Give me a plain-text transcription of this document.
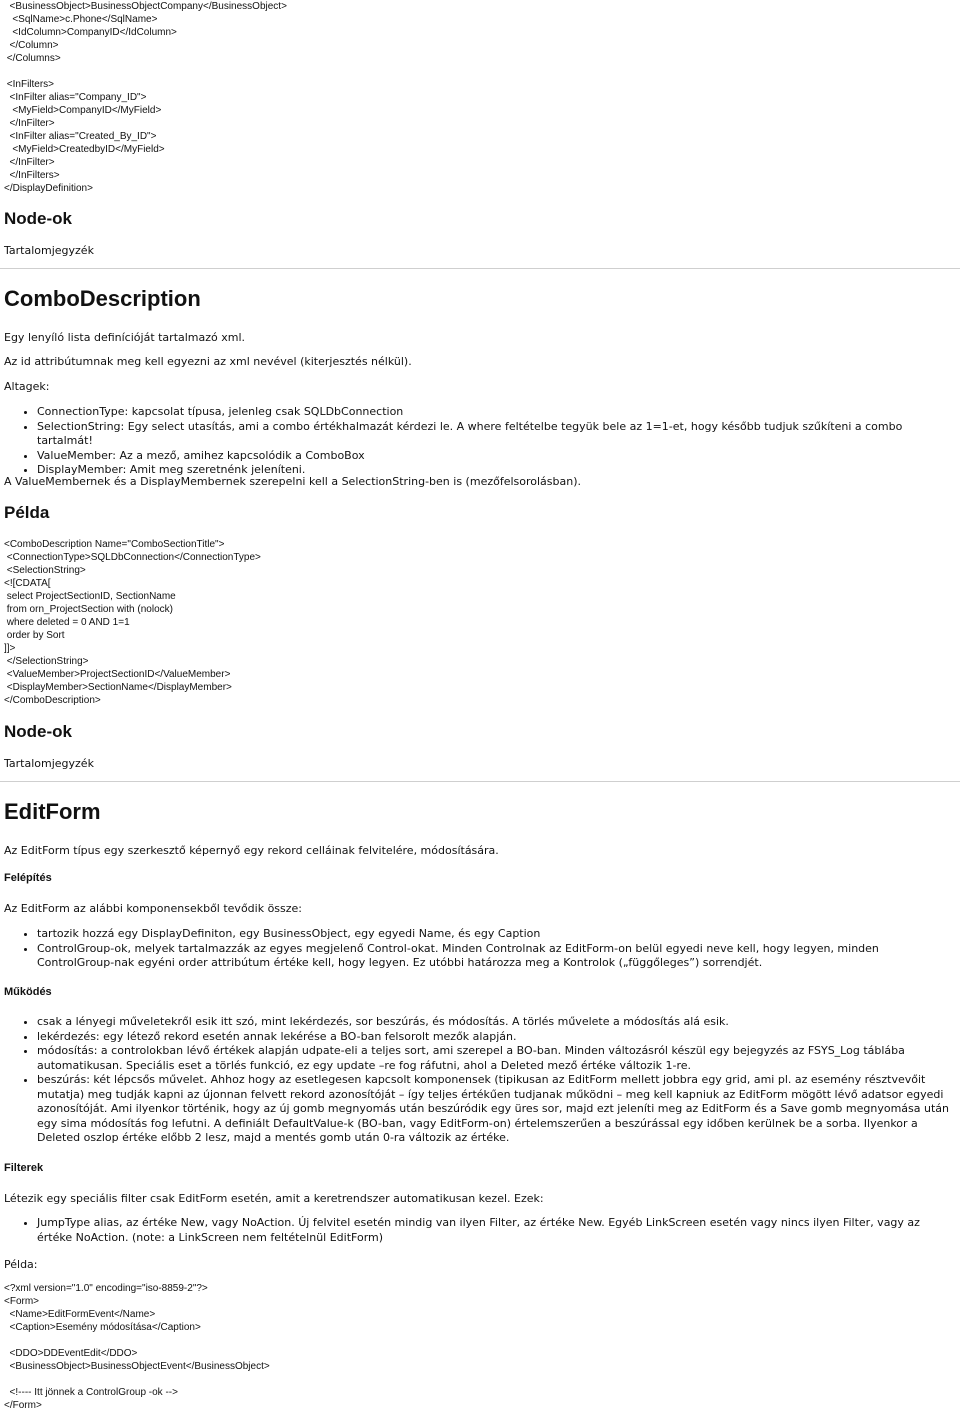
<BusinessObject>BusinessObjectCompany</BusinessObject>
<SqlName>c.Phone</SqlName>
<IdColumn>CompanyID</IdColumn>
</Column>
</Columns>
<InFilters>
<InFilter alias="Company_ID">
<MyField>CompanyID</MyField>
</InFilter>
<InFilter alias="Created_By_ID">
<MyField>CreatedbyID</MyField>
</InFilter>
</InFilters>
</DisplayDefinition>
Node-ok
Tartalomjegyzék
ComboDescription

Egy lenyíló lista definícióját tartalmazó xml.

Az id attribútumnak meg kell egyezni az xml nevével (kiterjesztés nélkül).

Altagek:

• ConnectionType: kapcsolat típusa, jelenleg csak SQLDbConnection
• SelectionString: Egy select utasítás, ami a combo értékhalmazát kérdezi le. A where feltételbe tegyük bele az 1=1-et, hogy később tudjuk szűkíteni a combo tartalmát!
• ValueMember: Az a mező, amihez kapcsolódik a ComboBox
• DisplayMember: Amit meg szeretnénk jeleníteni.

A ValueMembernek és a DisplayMembernek szerepelni kell a SelectionString-ben is (mezőfelsorolásban).

Példa
<ComboDescription Name="ComboSectionTitle">
<ConnectionType>SQLDbConnection</ConnectionType>
<SelectionString>
<![CDATA[
select ProjectSectionID, SectionName
from orn_ProjectSection with (nolock)
where deleted = 0 AND 1=1
order by Sort
]]>
</SelectionString>
<ValueMember>ProjectSectionID</ValueMember>
<DisplayMember>SectionName</DisplayMember>
</ComboDescription>
Node-ok
Tartalomjegyzék
EditForm

Az EditForm típus egy szerkesztő képernyő egy rekord celláinak felvitelére, módosítására.

Felépítés

Az EditForm az alábbi komponensekből tevődik össze:

• tartozik hozzá egy DisplayDefiniton, egy BusinessObject, egy egyedi Name, és egy Caption
• ControlGroup-ok, melyek tartalmazzák az egyes megjelenő Control-okat. Minden Controlnak az EditForm-on belül egyedi neve kell, hogy legyen, minden ControlGroup-nak egyéni order attribútum értéke kell, hogy legyen. Ez utóbbi határozza meg a Kontrolok („függőleges”) sorrendjét.
Működés
• csak a lényegi műveletekről esik itt szó, mint lekérdezés, sor beszúrás, és módosítás. A törlés művelete a módosítás alá esik.
• lekérdezés: egy létező rekord esetén annak lekérése a BO-ban felsorolt mezők alapján.
• módosítás: a controlokban lévő értékek alapján udpate-eli a teljes sort, ami szerepel a BO-ban. Minden változásról készül egy bejegyzés az FSYS_Log táblába automatikusan. Speciális eset a törlés funkció, ez egy update –re fog ráfutni, ahol a Deleted mező értéke változik 1-re.
• beszúrás: két lépcsős művelet. Ahhoz hogy az esetlegesen kapcsolt komponensek (tipikusan az EditForm mellett jobbra egy grid, ami pl. az esemény résztvevőit mutatja) meg tudják kapni az újonnan felvett rekord azonosítóját – így teljes értékűen tudjanak működni – meg kell kapniuk az EditForm mögött lévő adatsor egyedi azonosítóját. Ami ilyenkor történik, hogy az új gomb megnyomás után beszúródik egy üres sor, majd ezt jeleníti meg az EditForm és a Save gomb megnyomása után egy sima módosítás fog lefutni. A definiált DefaultValue-k (BO-ban, vagy EditForm-on) értelemszerűen a beszúrással egy időben kerülnek be a sorba. Ilyenkor a Deleted oszlop értéke előbb 2 lesz, majd a mentés gomb után 0-ra változik az értéke.
Filterek

Létezik egy speciális filter csak EditForm esetén, amit a keretrendszer automatikusan kezel. Ezek:

• JumpType alias, az értéke New, vagy NoAction. Új felvitel esetén mindig van ilyen Filter, az értéke New. Egyéb LinkScreen esetén vagy nincs ilyen Filter, vagy az értéke NoAction. (note: a LinkScreen nem feltételnül EditForm)

Példa:

<?xml version="1.0" encoding="iso-8859-2"?>
<Form>
<Name>EditFormEvent</Name>
<Caption>Esemény módosítása</Caption>
<DDO>DDEventEdit</DDO>
<BusinessObject>BusinessObjectEvent</BusinessObject>
<!---- Itt jönnek a ControlGroup -ok -->
</Form>
